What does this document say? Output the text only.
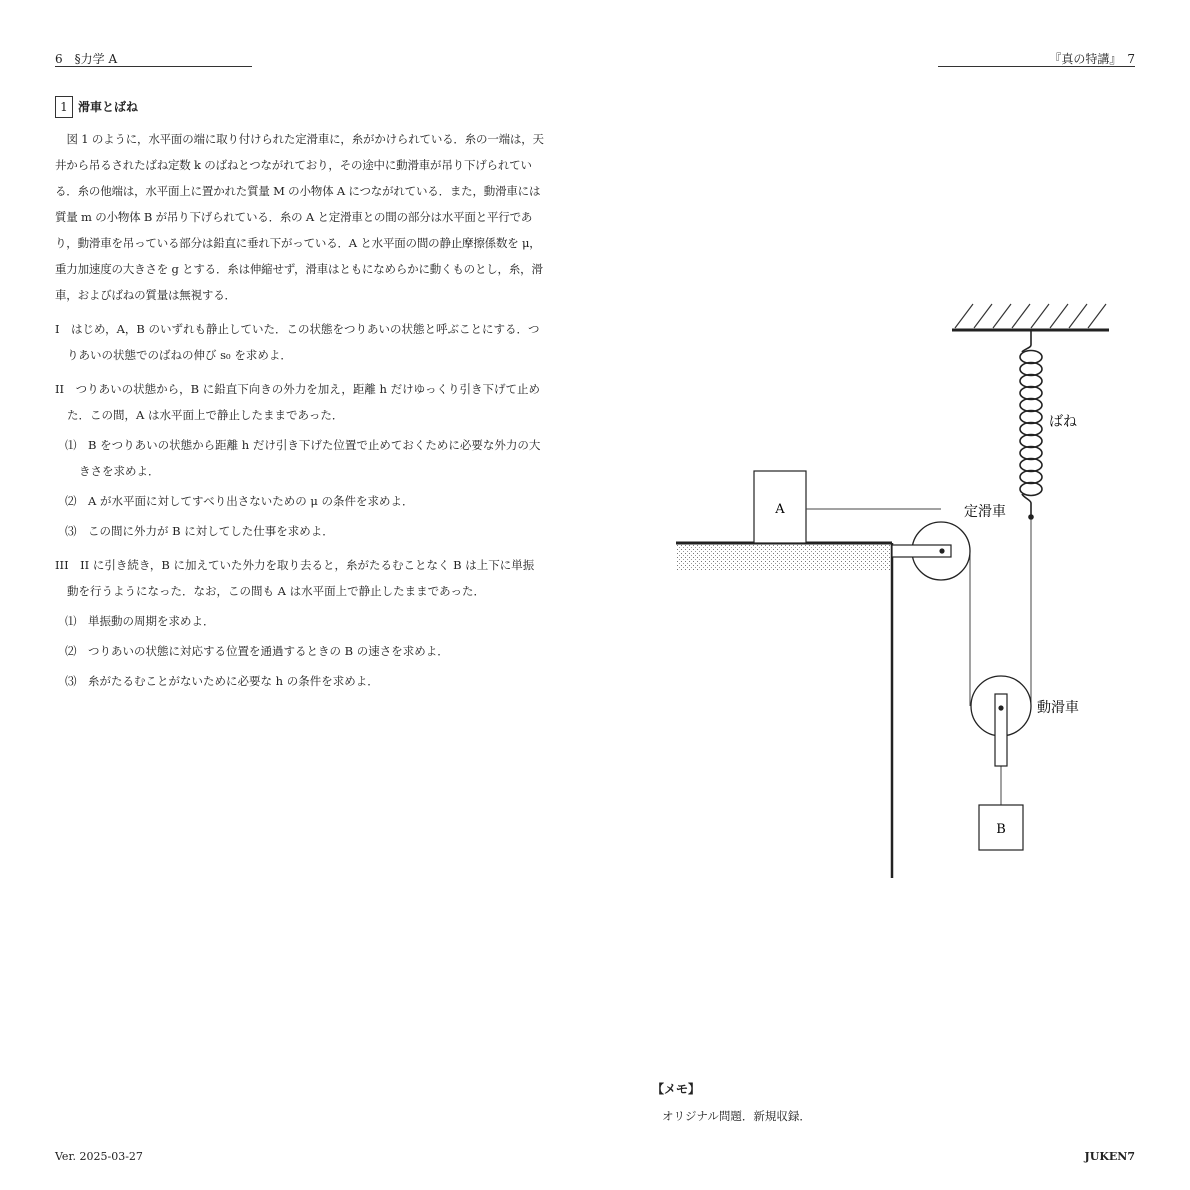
6　§力学 A	『真の特講』　7
1 滑車とばね

図 1 のように，水平面の端に取り付けられた定滑車に，糸がかけられている．糸の一端は，天井から吊るされたばね定数 k のばねとつながれており，その途中に動滑車が吊り下げられている．糸の他端は，水平面上に置かれた質量 M の小物体 A につながれている．また，動滑車には質量 m の小物体 B が吊り下げられている．糸の A と定滑車との間の部分は水平面と平行であり，動滑車を吊っている部分は鉛直に垂れ下がっている．A と水平面の間の静止摩擦係数を μ，重力加速度の大きさを g とする．糸は伸縮せず，滑車はともになめらかに動くものとし，糸，滑車，およびばねの質量は無視する．

I　はじめ，A，B のいずれも静止していた．この状態をつりあいの状態と呼ぶことにする．つりあいの状態でのばねの伸び s₀ を求めよ．

II　つりあいの状態から，B に鉛直下向きの外力を加え，距離 h だけゆっくり引き下げて止めた．この間，A は水平面上で静止したままであった．

⑴　B をつりあいの状態から距離 h だけ引き下げた位置で止めておくために必要な外力の大きさを求めよ．

⑵　A が水平面に対してすべり出さないための μ の条件を求めよ．

⑶　この間に外力が B に対してした仕事を求めよ．

III　II に引き続き，B に加えていた外力を取り去ると，糸がたるむことなく B は上下に単振動を行うようになった．なお，この間も A は水平面上で静止したままであった．

⑴　単振動の周期を求めよ．

⑵　つりあいの状態に対応する位置を通過するときの B の速さを求めよ．

⑶　糸がたるむことがないために必要な h の条件を求めよ．

A	定滑車
動滑車
B
ばね
【メモ】
オリジナル問題．新規収録．
Ver. 2025-03-27	JUKEN7
